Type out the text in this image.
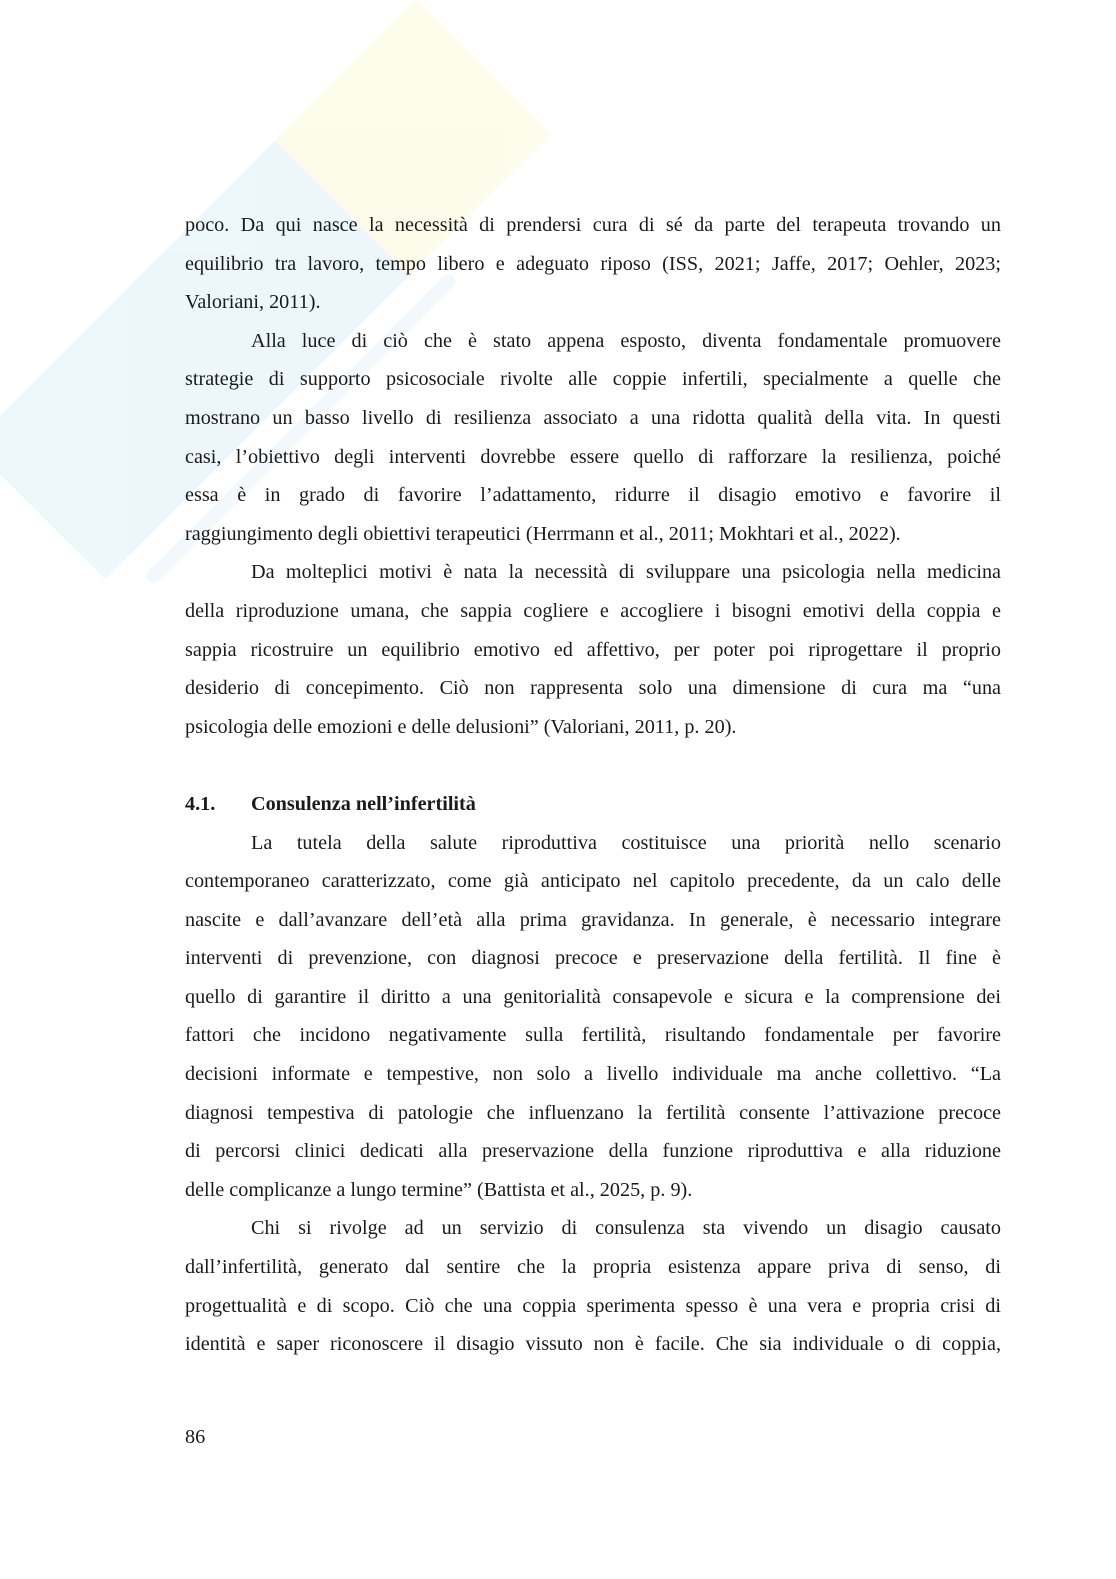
poco. Da qui nasce la necessità di prendersi cura di sé da parte del terapeuta trovando un
equilibrio tra lavoro, tempo libero e adeguato riposo (ISS, 2021; Jaffe, 2017; Oehler, 2023;
Valoriani, 2011).
Alla luce di ciò che è stato appena esposto, diventa fondamentale promuovere
strategie di supporto psicosociale rivolte alle coppie infertili, specialmente a quelle che
mostrano un basso livello di resilienza associato a una ridotta qualità della vita. In questi
casi, l’obiettivo degli interventi dovrebbe essere quello di rafforzare la resilienza, poiché
essa è in grado di favorire l’adattamento, ridurre il disagio emotivo e favorire il
raggiungimento degli obiettivi terapeutici (Herrmann et al., 2011; Mokhtari et al., 2022).
Da molteplici motivi è nata la necessità di sviluppare una psicologia nella medicina
della riproduzione umana, che sappia cogliere e accogliere i bisogni emotivi della coppia e
sappia ricostruire un equilibrio emotivo ed affettivo, per poter poi riprogettare il proprio
desiderio di concepimento. Ciò non rappresenta solo una dimensione di cura ma “una
psicologia delle emozioni e delle delusioni” (Valoriani, 2011, p. 20).
4.1. Consulenza nell’infertilità
La tutela della salute riproduttiva costituisce una priorità nello scenario
contemporaneo caratterizzato, come già anticipato nel capitolo precedente, da un calo delle
nascite e dall’avanzare dell’età alla prima gravidanza. In generale, è necessario integrare
interventi di prevenzione, con diagnosi precoce e preservazione della fertilità. Il fine è
quello di garantire il diritto a una genitorialità consapevole e sicura e la comprensione dei
fattori che incidono negativamente sulla fertilità, risultando fondamentale per favorire
decisioni informate e tempestive, non solo a livello individuale ma anche collettivo. “La
diagnosi tempestiva di patologie che influenzano la fertilità consente l’attivazione precoce
di percorsi clinici dedicati alla preservazione della funzione riproduttiva e alla riduzione
delle complicanze a lungo termine” (Battista et al., 2025, p. 9).
Chi si rivolge ad un servizio di consulenza sta vivendo un disagio causato
dall’infertilità, generato dal sentire che la propria esistenza appare priva di senso, di
progettualità e di scopo. Ciò che una coppia sperimenta spesso è una vera e propria crisi di
identità e saper riconoscere il disagio vissuto non è facile. Che sia individuale o di coppia,
86
